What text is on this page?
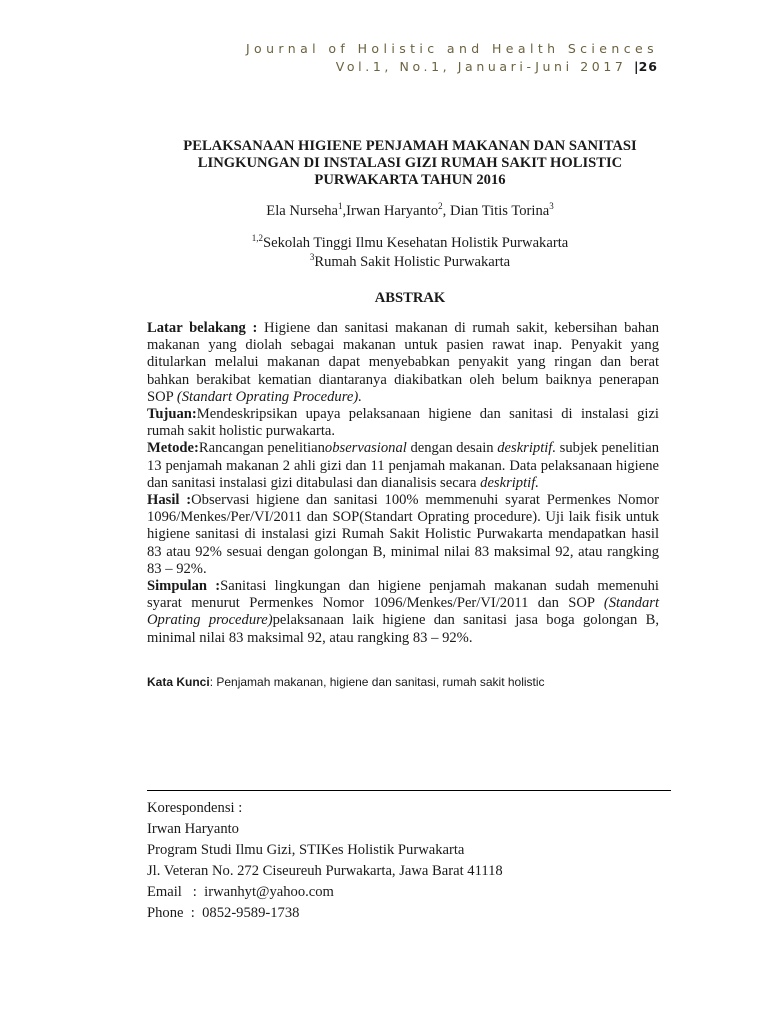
Journal of Holistic and Health Sciences
Vol.1, No.1, Januari-Juni 2017 |26
PELAKSANAAN HIGIENE PENJAMAH MAKANAN DAN SANITASI LINGKUNGAN DI INSTALASI GIZI RUMAH SAKIT HOLISTIC PURWAKARTA TAHUN 2016
Ela Nurseha$^1$,Irwan Haryanto$^2$, Dian Titis Torina$^3$
$^{1,2}$Sekolah Tinggi Ilmu Kesehatan Holistik Purwakarta
$^3$Rumah Sakit Holistic Purwakarta
ABSTRAK

Latar belakang : Higiene dan sanitasi makanan di rumah sakit, kebersihan bahan makanan yang diolah sebagai makanan untuk pasien rawat inap. Penyakit yang ditularkan melalui makanan dapat menyebabkan penyakit yang ringan dan berat bahkan berakibat kematian diantaranya diakibatkan oleh belum baiknya penerapan SOP (Standart Oprating Procedure).

Tujuan:Mendeskripsikan upaya pelaksanaan higiene dan sanitasi di instalasi gizi rumah sakit holistic purwakarta.

Metode:Rancangan penelitianobservasional dengan desain deskriptif. subjek penelitian 13 penjamah makanan 2 ahli gizi dan 11 penjamah makanan. Data pelaksanaan higiene dan sanitasi instalasi gizi ditabulasi dan dianalisis secara deskriptif.

Hasil :Observasi higiene dan sanitasi 100% memmenuhi syarat Permenkes Nomor 1096/Menkes/Per/VI/2011 dan SOP(Standart Oprating procedure). Uji laik fisik untuk higiene sanitasi di instalasi gizi Rumah Sakit Holistic Purwakarta mendapatkan hasil 83 atau 92% sesuai dengan golongan B, minimal nilai 83 maksimal 92, atau rangking 83 – 92%.

Simpulan :Sanitasi lingkungan dan higiene penjamah makanan sudah memenuhi syarat menurut Permenkes Nomor 1096/Menkes/Per/VI/2011 dan SOP (Standart Oprating procedure)pelaksanaan laik higiene dan sanitasi jasa boga golongan B, minimal nilai 83 maksimal 92, atau rangking 83 – 92%.

Kata Kunci: Penjamah makanan, higiene dan sanitasi, rumah sakit holistic
Korespondensi :
Irwan Haryanto
Program Studi Ilmu Gizi, STIKes Holistik Purwakarta
Jl. Veteran No. 272 Ciseureuh Purwakarta, Jawa Barat 41118
Email   :  irwanhyt@yahoo.com
Phone  :  0852-9589-1738
